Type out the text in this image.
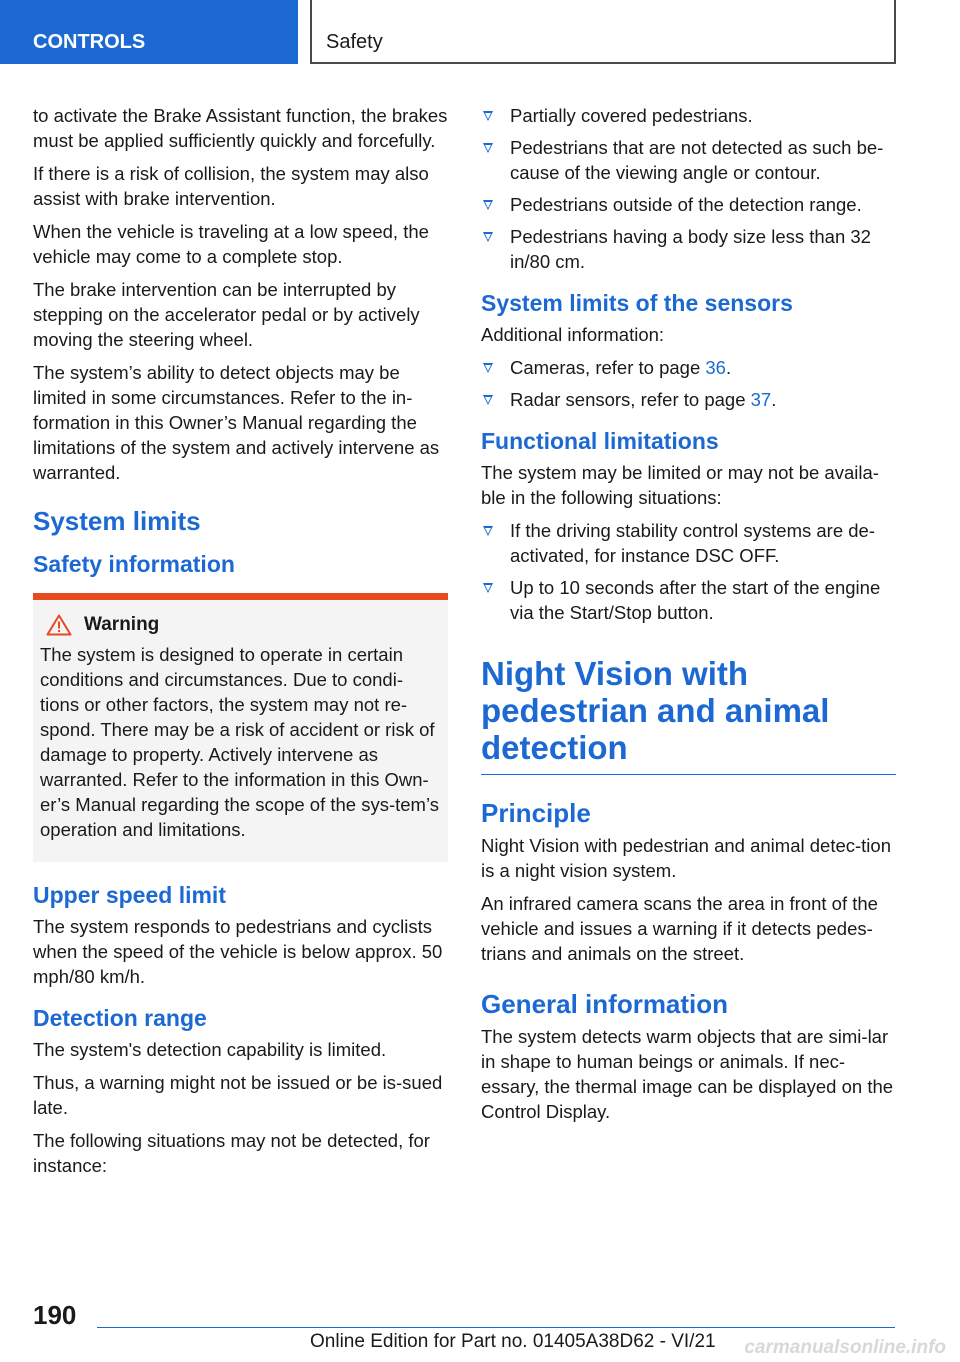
CONTROLS	Safety

to activate the Brake Assistant function, the brakes must be applied sufficiently quickly and forcefully.

If there is a risk of collision, the system may also assist with brake intervention.

When the vehicle is traveling at a low speed, the vehicle may come to a complete stop.

The brake intervention can be interrupted by stepping on the accelerator pedal or by actively moving the steering wheel.

The system’s ability to detect objects may be limited in some circumstances. Refer to the in-formation in this Owner’s Manual regarding the limitations of the system and actively intervene as warranted.

System limits
Safety information
Warning

The system is designed to operate in certain conditions and circumstances. Due to condi-tions or other factors, the system may not re-spond. There may be a risk of accident or risk of damage to property. Actively intervene as warranted. Refer to the information in this Own-er’s Manual regarding the scope of the sys-tem’s operation and limitations.

Upper speed limit

The system responds to pedestrians and cyclists when the speed of the vehicle is below approx. 50 mph/80 km/h.

Detection range

The system's detection capability is limited.

Thus, a warning might not be issued or be is-sued late.

The following situations may not be detected, for instance:

Partially covered pedestrians.
Pedestrians that are not detected as such be-cause of the viewing angle or contour.
Pedestrians outside of the detection range.
Pedestrians having a body size less than 32 in/80 cm.
System limits of the sensors

Additional information:

Cameras, refer to page 36.
Radar sensors, refer to page 37.
Functional limitations

The system may be limited or may not be availa-ble in the following situations:

If the driving stability control systems are de-activated, for instance DSC OFF.
Up to 10 seconds after the start of the engine via the Start/Stop button.
Night Vision with pedestrian and animal detection
Principle

Night Vision with pedestrian and animal detec-tion is a night vision system.

An infrared camera scans the area in front of the vehicle and issues a warning if it detects pedes-trians and animals on the street.

General information

The system detects warm objects that are simi-lar in shape to human beings or animals. If nec-essary, the thermal image can be displayed on the Control Display.

190
Online Edition for Part no. 01405A38D62 - VI/21 carmanualsonline.info
